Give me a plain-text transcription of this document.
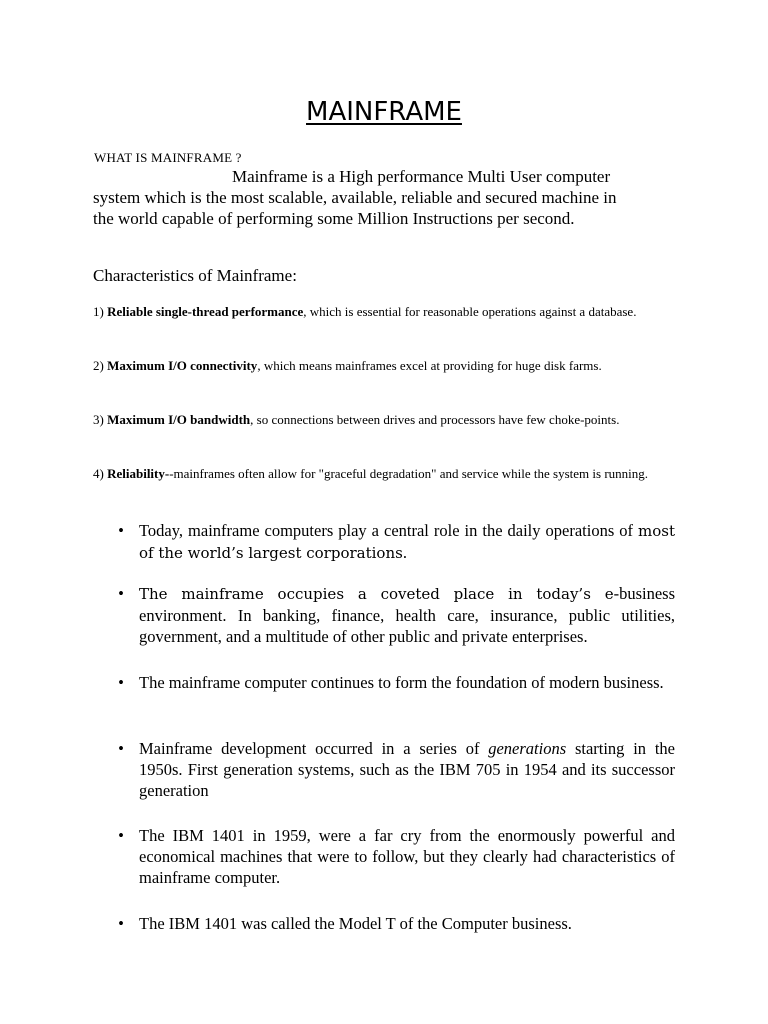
MAINFRAME
WHAT IS MAINFRAME ?
Mainframe is a High performance Multi User computer
system which is the most scalable, available, reliable and secured machine in
the world capable of performing some Million Instructions per second.
Characteristics of Mainframe:
1) Reliable single-thread performance, which is essential for reasonable operations against a database.
2) Maximum I/O connectivity, which means mainframes excel at providing for huge disk farms.
3) Maximum I/O bandwidth, so connections between drives and processors have few choke-points.
4) Reliability--mainframes often allow for "graceful degradation" and service while the system is running.
• Today, mainframe computers play a central role in the daily operations of most of the world’s largest corporations.
• The mainframe occupies a coveted place in today’s e-business environment. In banking, finance, health care, insurance, public utilities, government, and a multitude of other public and private enterprises.
• The mainframe computer continues to form the foundation of modern business.
• Mainframe development occurred in a series of generations starting in the 1950s. First generation systems, such as the IBM 705 in 1954 and its successor generation
• The IBM 1401 in 1959, were a far cry from the enormously powerful and economical machines that were to follow, but they clearly had characteristics of mainframe computer.
• The IBM 1401 was called the Model T of the Computer business.
